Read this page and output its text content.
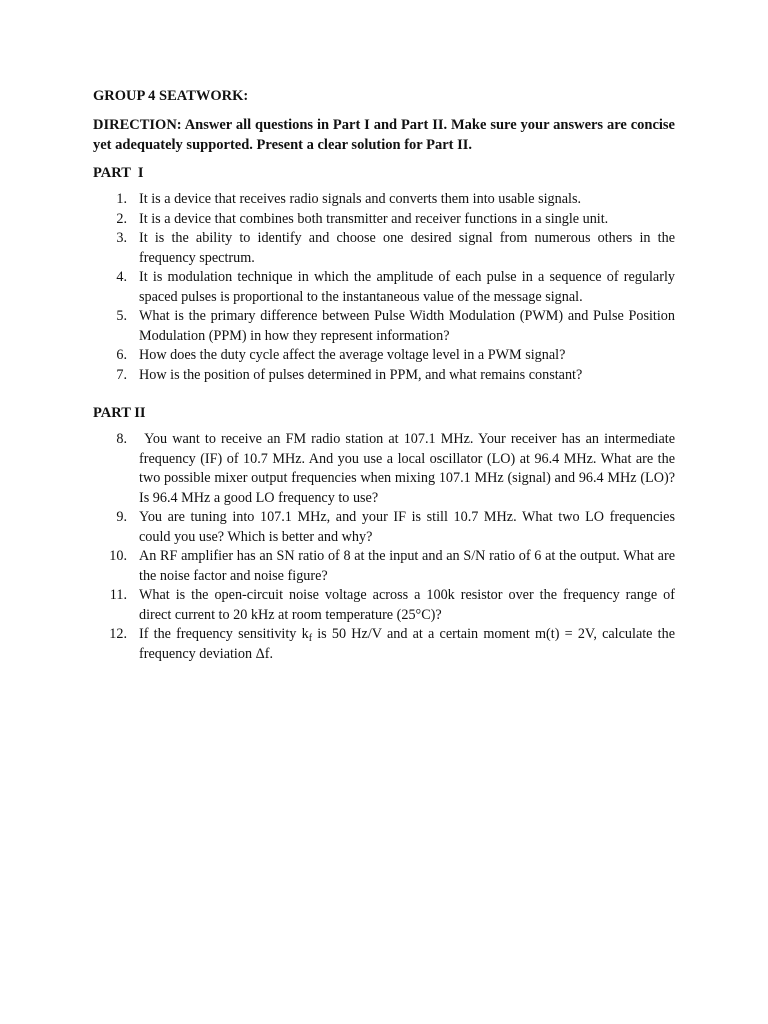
GROUP 4 SEATWORK:

DIRECTION: Answer all questions in Part I and Part II. Make sure your answers are concise yet adequately supported. Present a clear solution for Part II.

PART  I

1. It is a device that receives radio signals and converts them into usable signals.
2. It is a device that combines both transmitter and receiver functions in a single unit.
3. It is the ability to identify and choose one desired signal from numerous others in the frequency spectrum.
4. It is modulation technique in which the amplitude of each pulse in a sequence of regularly spaced pulses is proportional to the instantaneous value of the message signal.
5. What is the primary difference between Pulse Width Modulation (PWM) and Pulse Position Modulation (PPM) in how they represent information?
6. How does the duty cycle affect the average voltage level in a PWM signal?
7. How is the position of pulses determined in PPM, and what remains constant?

PART II

8. You want to receive an FM radio station at 107.1 MHz. Your receiver has an intermediate frequency (IF) of 10.7 MHz. And you use a local oscillator (LO) at 96.4 MHz. What are the two possible mixer output frequencies when mixing 107.1 MHz (signal) and 96.4 MHz (LO)? Is 96.4 MHz a good LO frequency to use?
9. You are tuning into 107.1 MHz, and your IF is still 10.7 MHz. What two LO frequencies could you use? Which is better and why?
10. An RF amplifier has an SN ratio of 8 at the input and an S/N ratio of 6 at the output. What are the noise factor and noise figure?
11. What is the open-circuit noise voltage across a 100k resistor over the frequency range of direct current to 20 kHz at room temperature (25°C)?
12. If the frequency sensitivity $k_f$ is 50 Hz/V and at a certain moment m(t) = 2V, calculate the frequency deviation Δf.
